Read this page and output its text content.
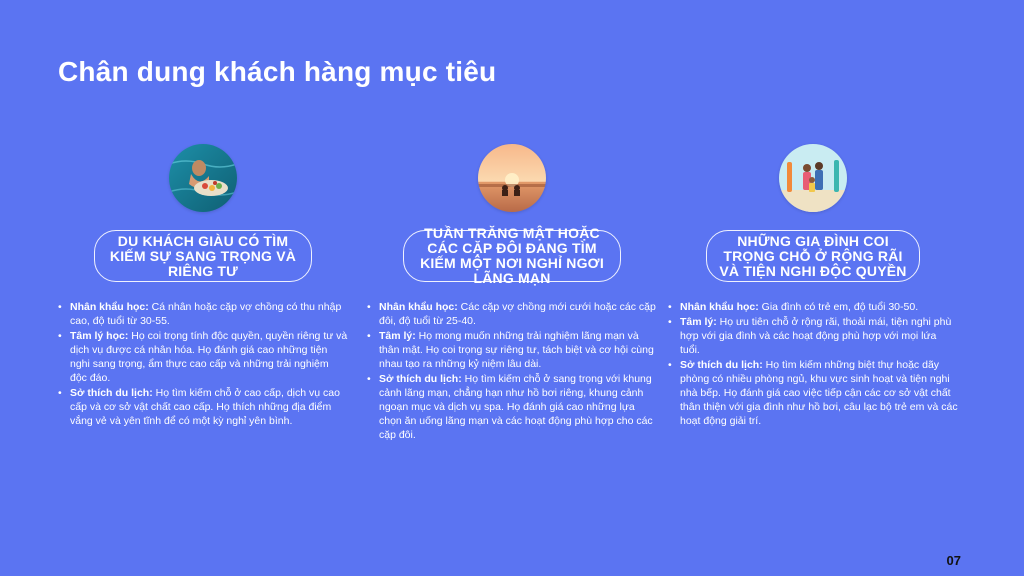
Chân dung khách hàng mục tiêu
DU KHÁCH GIÀU CÓ TÌM KIẾM SỰ SANG TRỌNG VÀ RIÊNG TƯ
• Nhân khẩu học: Cá nhân hoặc cặp vợ chồng có thu nhập cao, độ tuổi từ 30-55.
• Tâm lý học: Họ coi trọng tính độc quyền, quyền riêng tư và dịch vụ được cá nhân hóa. Họ đánh giá cao những tiện nghi sang trọng, ẩm thực cao cấp và những trải nghiệm độc đáo.
• Sở thích du lịch: Họ tìm kiếm chỗ ở cao cấp, dịch vụ cao cấp và cơ sở vật chất cao cấp. Họ thích những địa điểm vắng vẻ và yên tĩnh để có một kỳ nghỉ yên bình.
TUẦN TRĂNG MẬT HOẶC CÁC CẶP ĐÔI ĐANG TÌM KIẾM MỘT NƠI NGHỈ NGƠI LÃNG MẠN
• Nhân khẩu học: Các cặp vợ chồng mới cưới hoặc các cặp đôi, độ tuổi từ 25-40.
• Tâm lý: Họ mong muốn những trải nghiệm lãng mạn và thân mật. Họ coi trọng sự riêng tư, tách biệt và cơ hội cùng nhau tạo ra những kỷ niệm lâu dài.
• Sở thích du lịch: Họ tìm kiếm chỗ ở sang trọng với khung cảnh lãng mạn, chẳng hạn như hồ bơi riêng, khung cảnh ngoạn mục và dịch vụ spa. Họ đánh giá cao những lựa chọn ăn uống lãng mạn và các hoạt động phù hợp cho các cặp đôi.
NHỮNG GIA ĐÌNH COI TRỌNG CHỖ Ở RỘNG RÃI VÀ TIỆN NGHI ĐỘC QUYỀN
• Nhân khẩu học: Gia đình có trẻ em, độ tuổi 30-50.
• Tâm lý: Họ ưu tiên chỗ ở rộng rãi, thoải mái, tiện nghi phù hợp với gia đình và các hoạt động phù hợp với mọi lứa tuổi.
• Sở thích du lịch: Họ tìm kiếm những biệt thự hoặc dãy phòng có nhiều phòng ngủ, khu vực sinh hoạt và tiện nghi nhà bếp. Họ đánh giá cao việc tiếp cận các cơ sở vật chất thân thiện với gia đình như hồ bơi, câu lạc bộ trẻ em và các hoạt động giải trí.
07
